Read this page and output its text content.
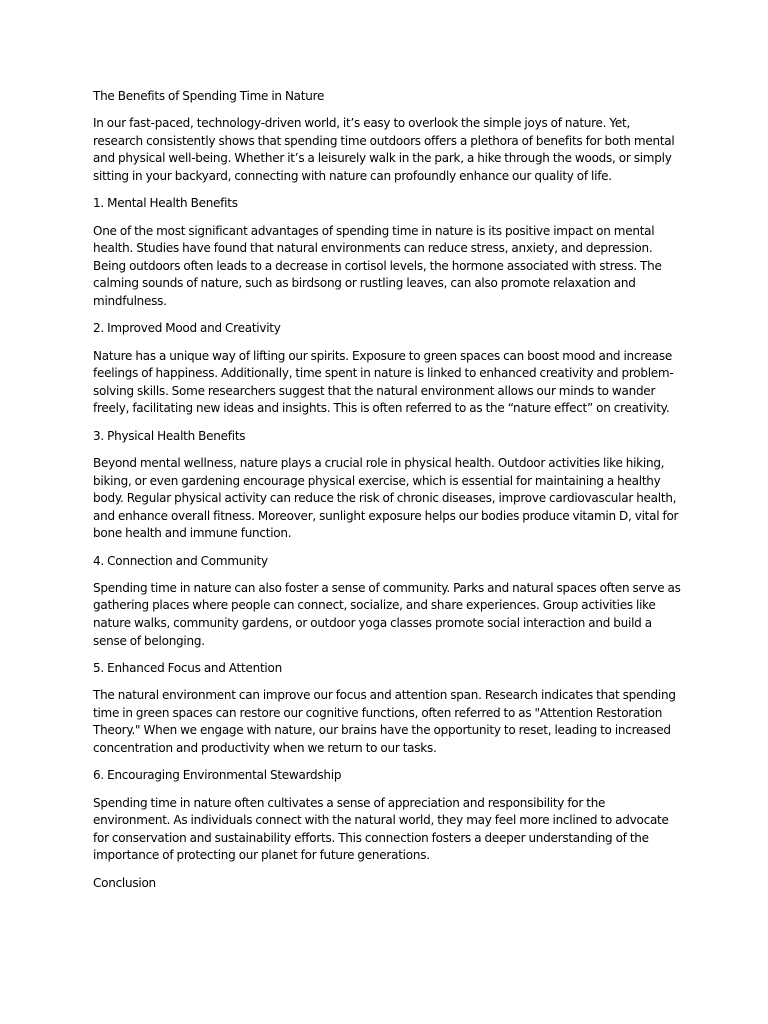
The Benefits of Spending Time in Nature

In our fast-paced, technology-driven world, it’s easy to overlook the simple joys of nature. Yet, research consistently shows that spending time outdoors offers a plethora of benefits for both mental and physical well-being. Whether it’s a leisurely walk in the park, a hike through the woods, or simply sitting in your backyard, connecting with nature can profoundly enhance our quality of life.

1. Mental Health Benefits

One of the most significant advantages of spending time in nature is its positive impact on mental health. Studies have found that natural environments can reduce stress, anxiety, and depression. Being outdoors often leads to a decrease in cortisol levels, the hormone associated with stress. The calming sounds of nature, such as birdsong or rustling leaves, can also promote relaxation and mindfulness.

2. Improved Mood and Creativity

Nature has a unique way of lifting our spirits. Exposure to green spaces can boost mood and increase feelings of happiness. Additionally, time spent in nature is linked to enhanced creativity and problem-solving skills. Some researchers suggest that the natural environment allows our minds to wander freely, facilitating new ideas and insights. This is often referred to as the “nature effect” on creativity.

3. Physical Health Benefits

Beyond mental wellness, nature plays a crucial role in physical health. Outdoor activities like hiking, biking, or even gardening encourage physical exercise, which is essential for maintaining a healthy body. Regular physical activity can reduce the risk of chronic diseases, improve cardiovascular health, and enhance overall fitness. Moreover, sunlight exposure helps our bodies produce vitamin D, vital for bone health and immune function.

4. Connection and Community

Spending time in nature can also foster a sense of community. Parks and natural spaces often serve as gathering places where people can connect, socialize, and share experiences. Group activities like nature walks, community gardens, or outdoor yoga classes promote social interaction and build a sense of belonging.

5. Enhanced Focus and Attention

The natural environment can improve our focus and attention span. Research indicates that spending time in green spaces can restore our cognitive functions, often referred to as "Attention Restoration Theory." When we engage with nature, our brains have the opportunity to reset, leading to increased concentration and productivity when we return to our tasks.

6. Encouraging Environmental Stewardship

Spending time in nature often cultivates a sense of appreciation and responsibility for the environment. As individuals connect with the natural world, they may feel more inclined to advocate for conservation and sustainability efforts. This connection fosters a deeper understanding of the importance of protecting our planet for future generations.

Conclusion
